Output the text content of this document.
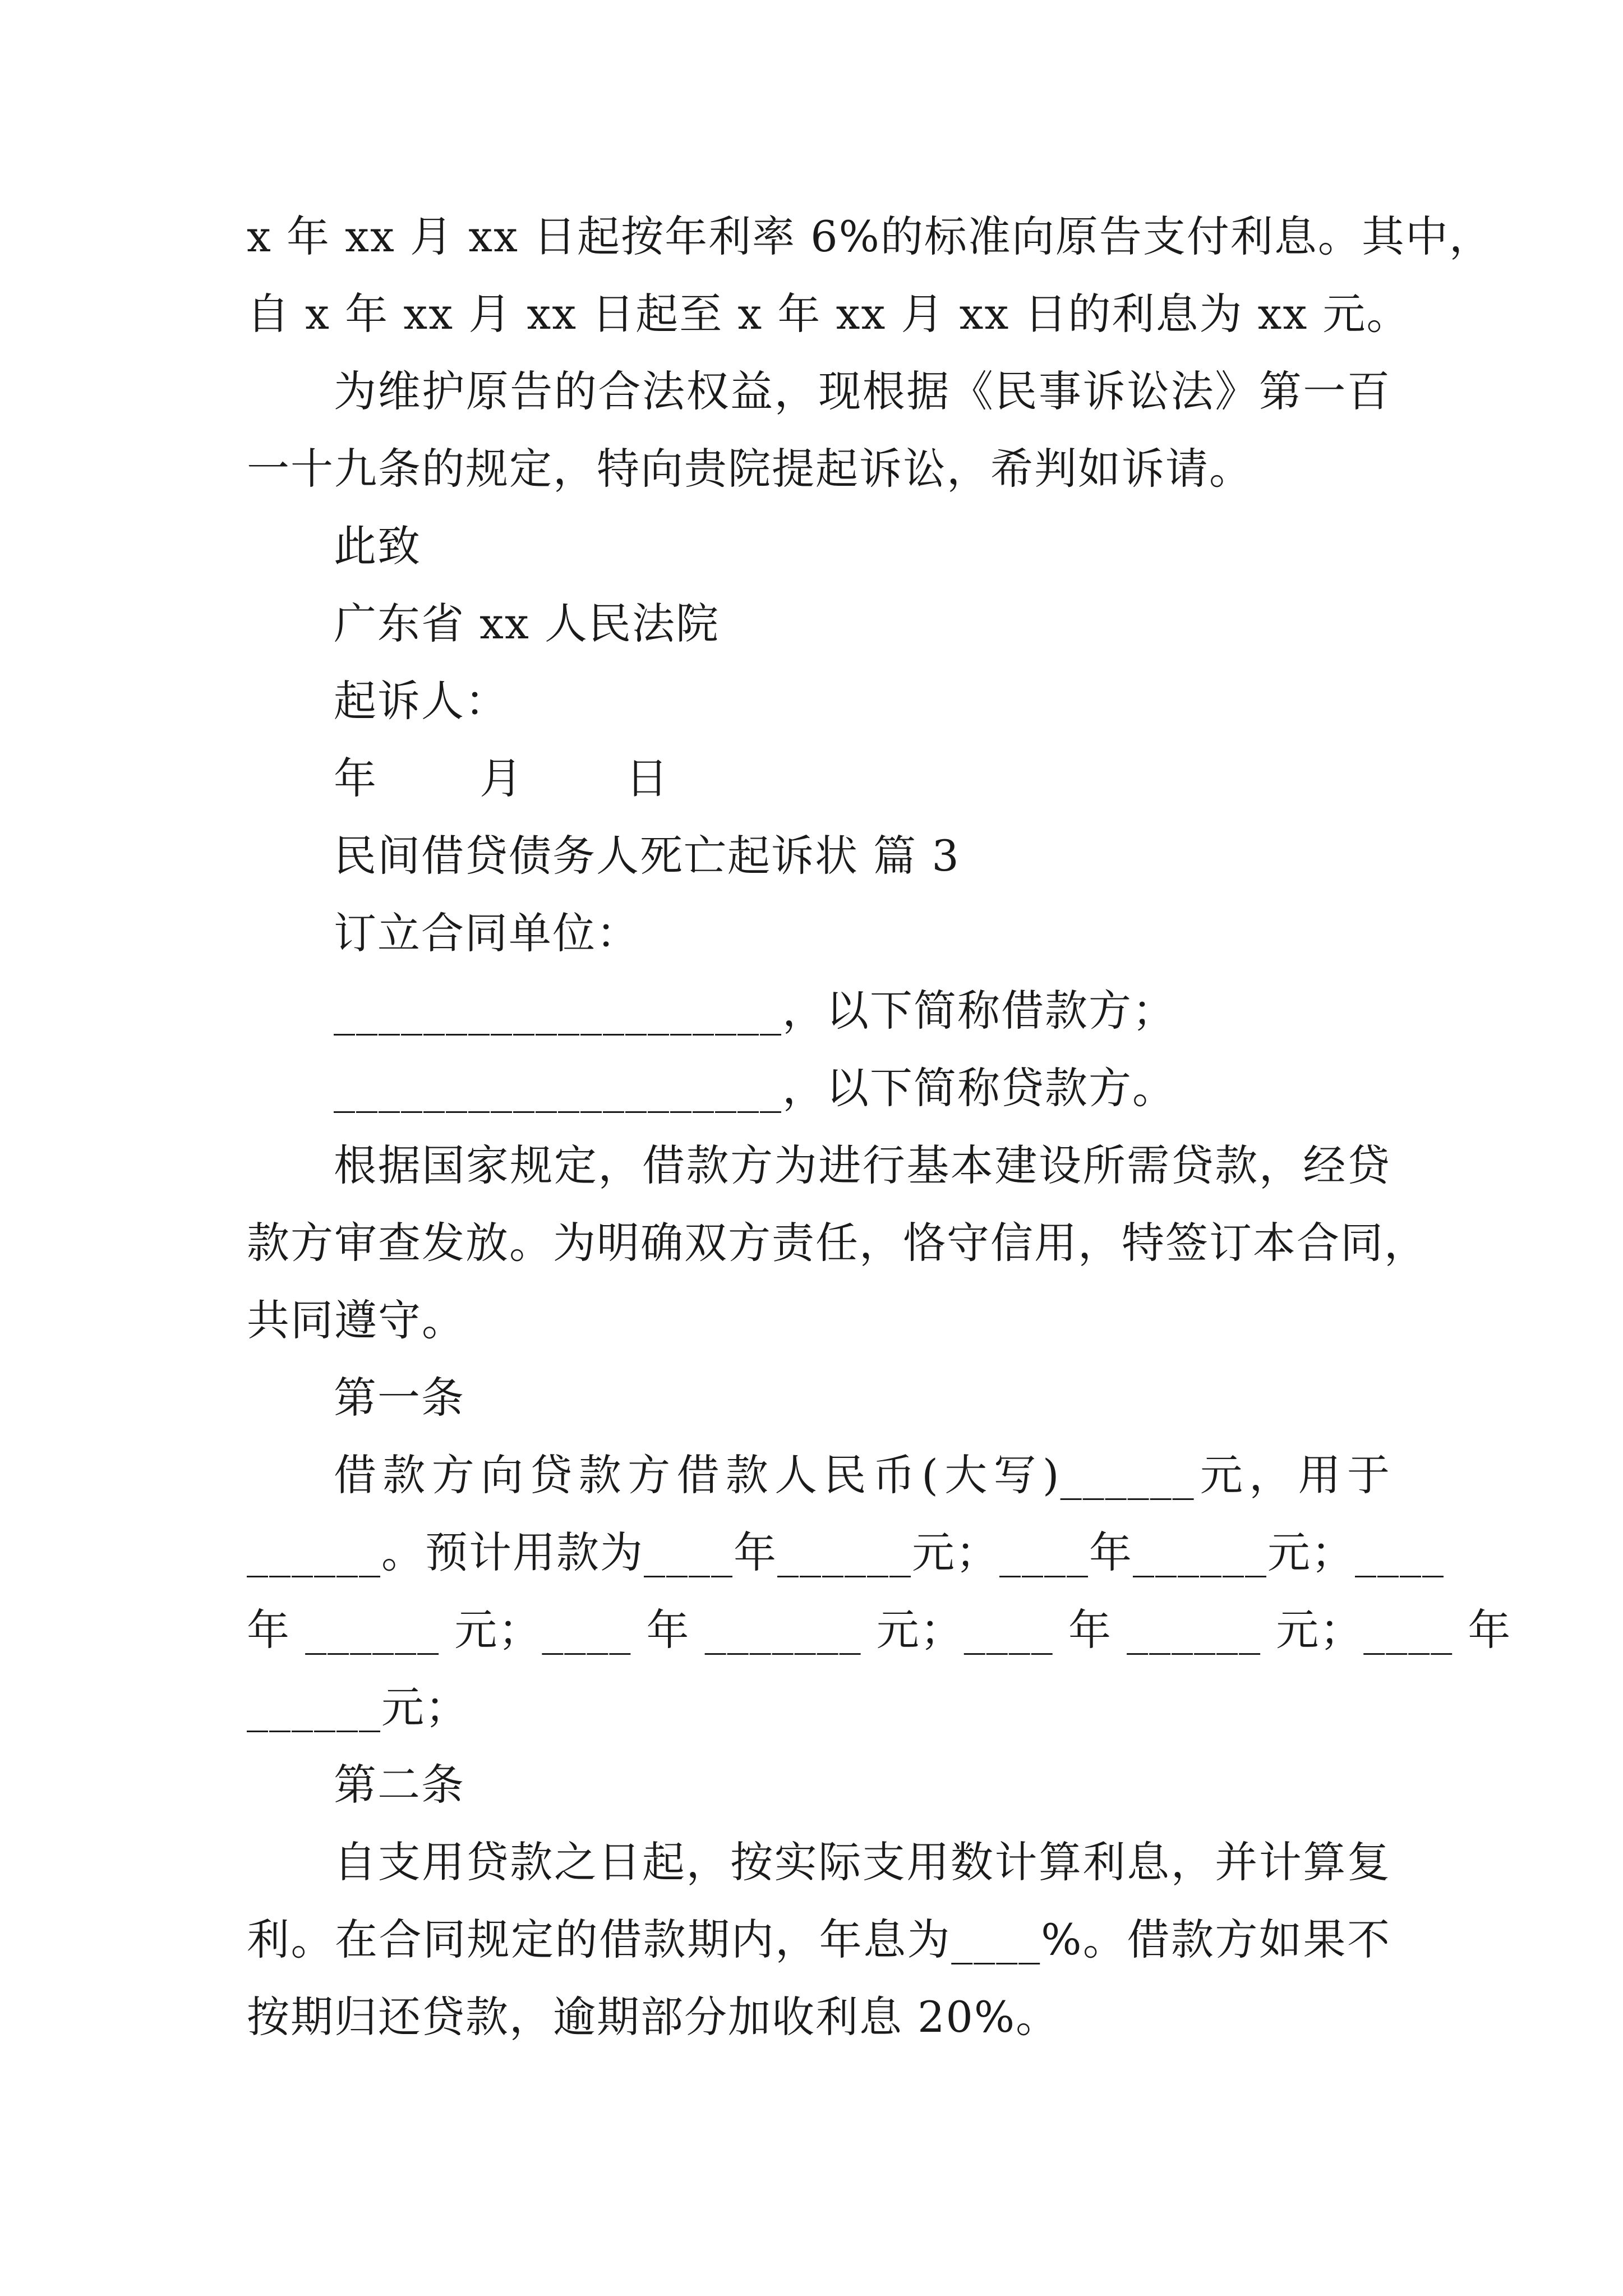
x 年 xx 月 xx 日起按年利率 6%的标准向原告支付利息。其中，
自 x 年 xx 月 xx 日起至 x 年 xx 月 xx 日的利息为 xx 元。
为维护原告的合法权益，现根据《民事诉讼法》第一百
一十九条的规定，特向贵院提起诉讼，希判如诉请。
此致
广东省 xx 人民法院
起诉人：
年　　 月　　 日
民间借贷债务人死亡起诉状 篇 3
订立合同单位：
____________________，以下简称借款方；
____________________，以下简称贷款方。
根据国家规定，借款方为进行基本建设所需贷款，经贷
款方审查发放。为明确双方责任，恪守信用，特签订本合同，
共同遵守。
第一条
借款方向贷款方借款人民币(大写)______元，用于
______。预计用款为____年______元；____年______元；____
年 ______ 元；____ 年 _______ 元；____ 年 ______ 元；____ 年
______元；
第二条
自支用贷款之日起，按实际支用数计算利息，并计算复
利。在合同规定的借款期内，年息为____%。借款方如果不
按期归还贷款，逾期部分加收利息 20%。
